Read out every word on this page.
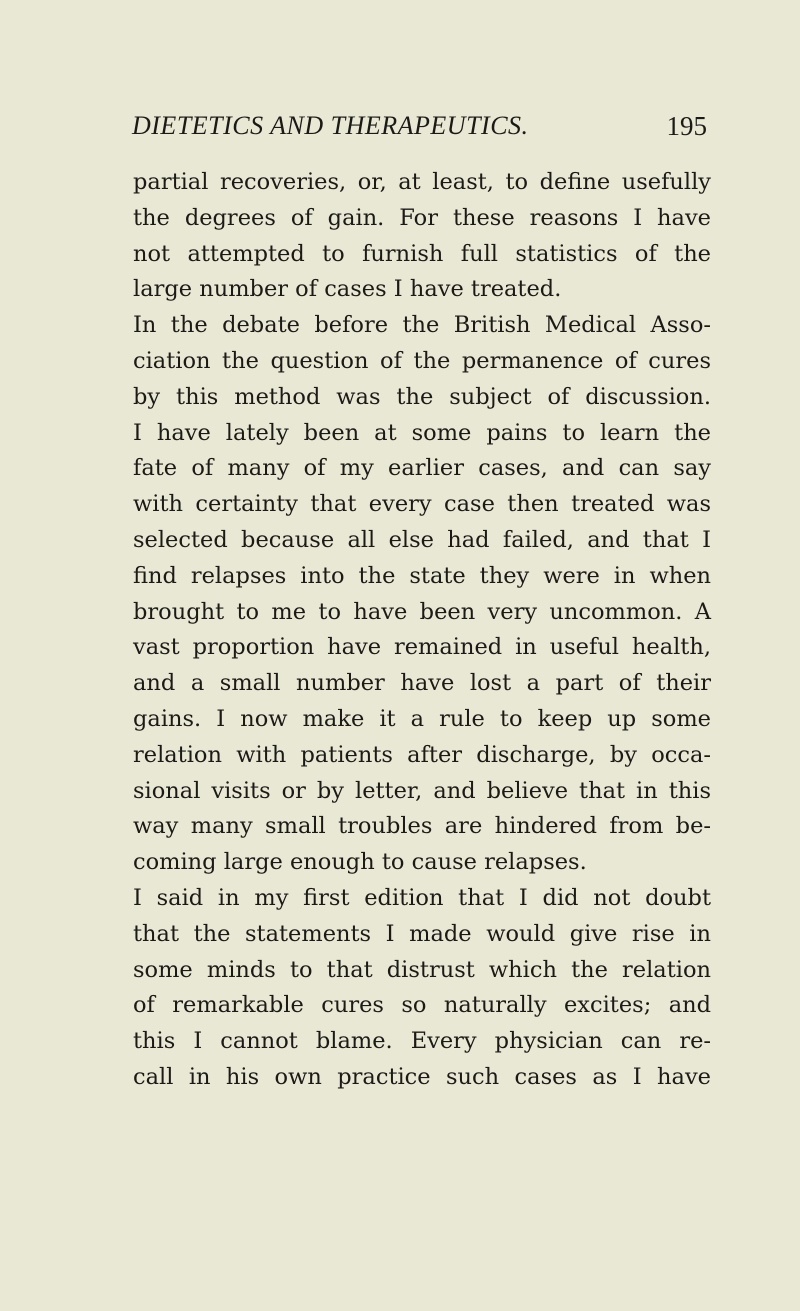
DIETETICS AND THERAPEUTICS.	195
partial recoveries, or, at least, to define usefully
the degrees of gain. For these reasons I have
not attempted to furnish full statistics of the
large number of cases I have treated.
In the debate before the British Medical Asso-
ciation the question of the permanence of cures
by this method was the subject of discussion.
I have lately been at some pains to learn the
fate of many of my earlier cases, and can say
with certainty that every case then treated was
selected because all else had failed, and that I
find relapses into the state they were in when
brought to me to have been very uncommon. A
vast proportion have remained in useful health,
and a small number have lost a part of their
gains. I now make it a rule to keep up some
relation with patients after discharge, by occa-
sional visits or by letter, and believe that in this
way many small troubles are hindered from be-
coming large enough to cause relapses.
I said in my first edition that I did not doubt
that the statements I made would give rise in
some minds to that distrust which the relation
of remarkable cures so naturally excites; and
this I cannot blame. Every physician can re-
call in his own practice such cases as I have
